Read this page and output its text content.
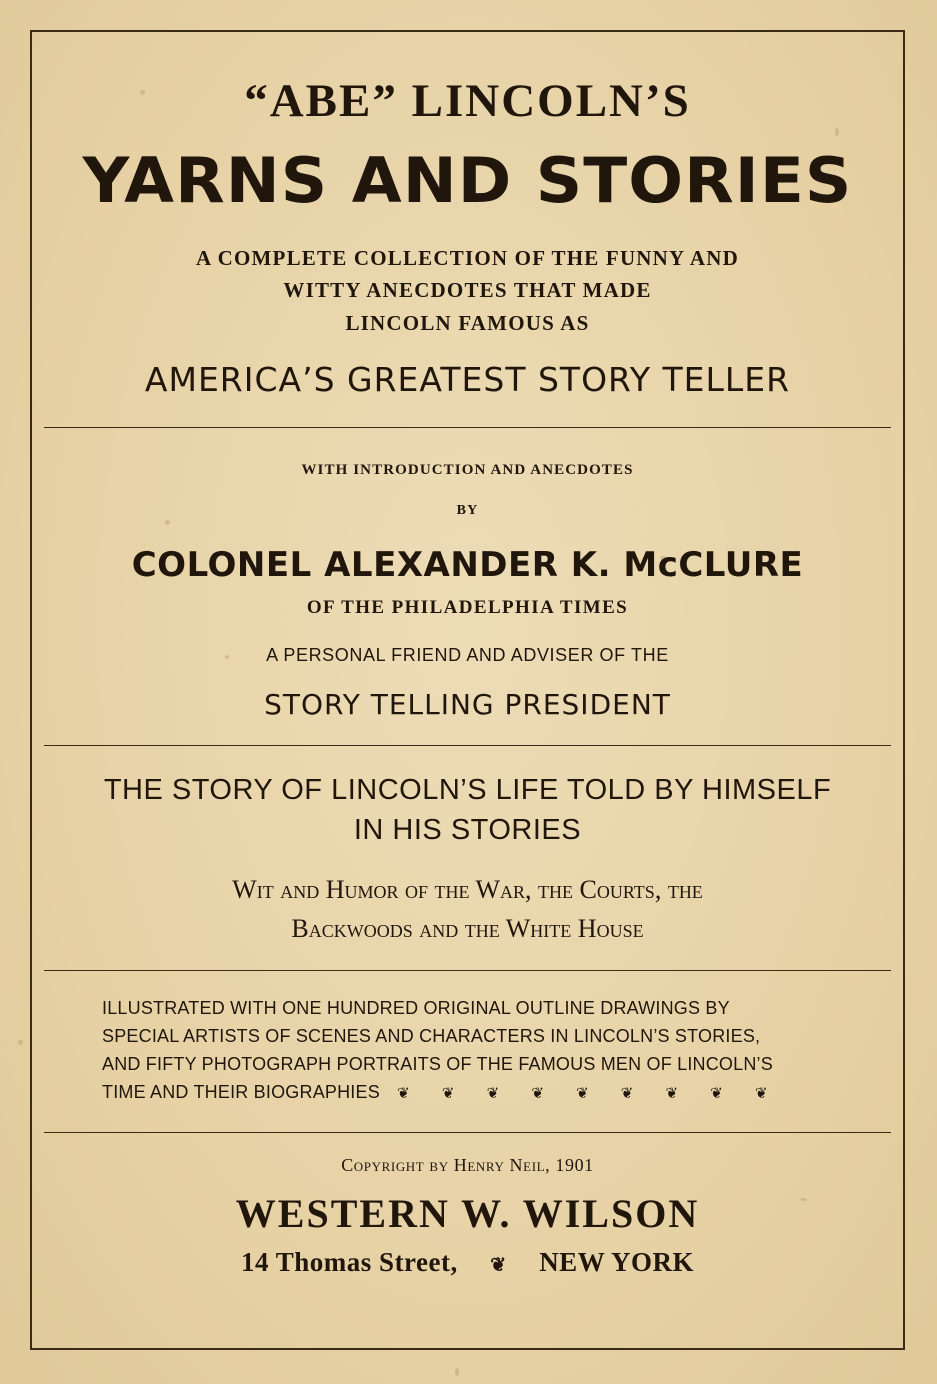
“ABE” LINCOLN’S
YARNS AND STORIES
A COMPLETE COLLECTION OF THE FUNNY AND
WITTY ANECDOTES THAT MADE
LINCOLN FAMOUS AS
AMERICA’S GREATEST STORY TELLER
WITH INTRODUCTION AND ANECDOTES
BY
COLONEL ALEXANDER K. McCLURE
OF THE PHILADELPHIA TIMES
A PERSONAL FRIEND AND ADVISER OF THE
STORY TELLING PRESIDENT
THE STORY OF LINCOLN’S LIFE TOLD BY HIMSELF
IN HIS STORIES
Wit and Humor of the War, the Courts, the
Backwoods and the White House
ILLUSTRATED WITH ONE HUNDRED ORIGINAL OUTLINE DRAWINGS BY
SPECIAL ARTISTS OF SCENES AND CHARACTERS IN LINCOLN’S STORIES,
AND FIFTY PHOTOGRAPH PORTRAITS OF THE FAMOUS MEN OF LINCOLN’S
TIME AND THEIR BIOGRAPHIES ❦ ❦ ❦ ❦ ❦ ❦ ❦ ❦ ❦
Copyright by Henry Neil, 1901
WESTERN W. WILSON
14 Thomas Street, ❦ NEW YORK
